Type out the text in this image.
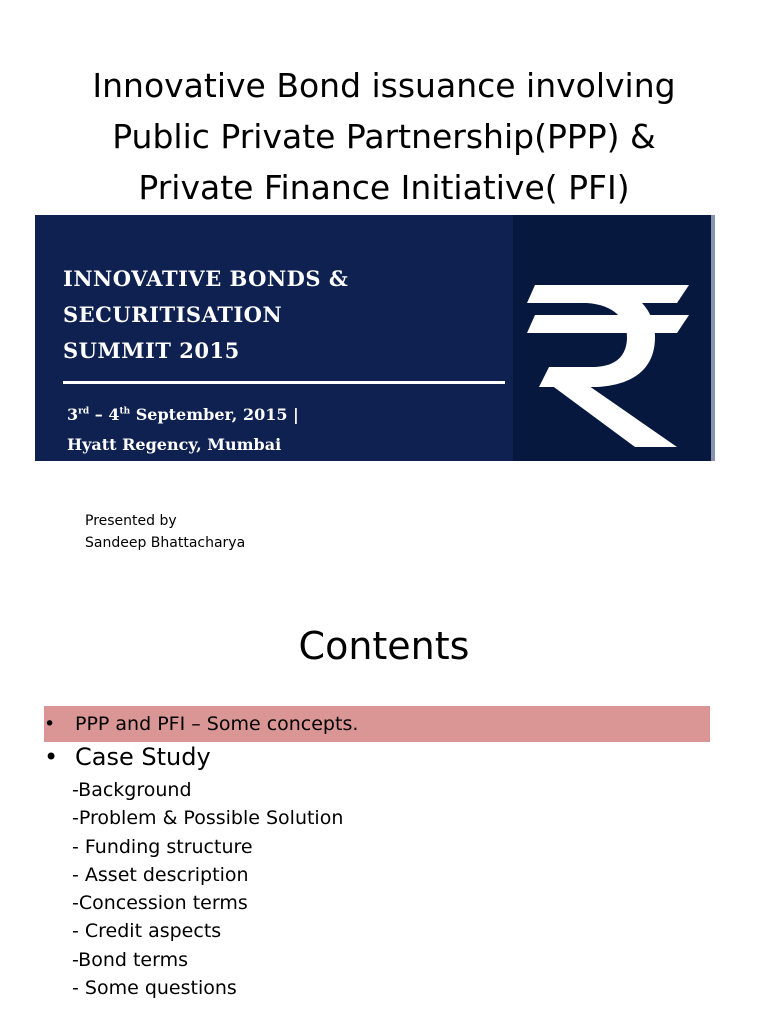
Innovative Bond issuance involving
Public Private Partnership(PPP) &
Private Finance Initiative( PFI)
INNOVATIVE BONDS &
SECURITISATION
SUMMIT 2015
3rd – 4th September, 2015 |
Hyatt Regency, Mumbai
Presented by
Sandeep Bhattacharya
Contents
• PPP and PFI – Some concepts.
• Case Study
-Background
-Problem & Possible Solution
- Funding structure
- Asset description
-Concession terms
- Credit aspects
-Bond terms
- Some questions
